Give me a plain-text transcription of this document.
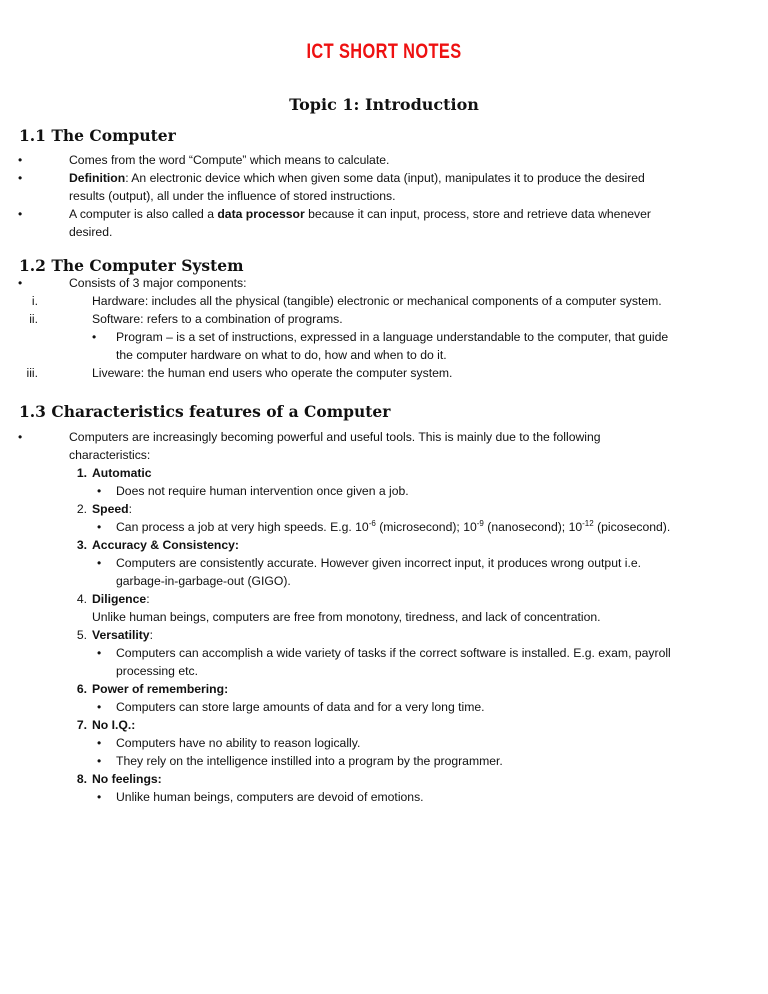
ICT SHORT NOTES
Topic 1: Introduction
1.1 The Computer
•	Comes from the word “Compute” which means to calculate.
•	Definition: An electronic device which when given some data (input), manipulates it to produce the desired
results (output), all under the influence of stored instructions.
•	A computer is also called a data processor because it can input, process, store and retrieve data whenever
desired.
1.2 The Computer System
•	Consists of 3 major components:
i.	Hardware: includes all the physical (tangible) electronic or mechanical components of a computer system.
ii.	Software: refers to a combination of programs.
• Program – is a set of instructions, expressed in a language understandable to the computer, that guide
the computer hardware on what to do, how and when to do it.
iii.	Liveware: the human end users who operate the computer system.
1.3 Characteristics features of a Computer
•	Computers are increasingly becoming powerful and useful tools. This is mainly due to the following
characteristics:
1. Automatic
• Does not require human intervention once given a job.
2. Speed:
• Can process a job at very high speeds. E.g. $10^{-6}$ (microsecond); $10^{-9}$ (nanosecond); $10^{-12}$ (picosecond).
3. Accuracy & Consistency:
• Computers are consistently accurate. However given incorrect input, it produces wrong output i.e.
garbage-in-garbage-out (GIGO).
4. Diligence:
Unlike human beings, computers are free from monotony, tiredness, and lack of concentration.
5. Versatility:
• Computers can accomplish a wide variety of tasks if the correct software is installed. E.g. exam, payroll
processing etc.
6. Power of remembering:
• Computers can store large amounts of data and for a very long time.
7. No I.Q.:
• Computers have no ability to reason logically.
• They rely on the intelligence instilled into a program by the programmer.
8. No feelings:
• Unlike human beings, computers are devoid of emotions.
